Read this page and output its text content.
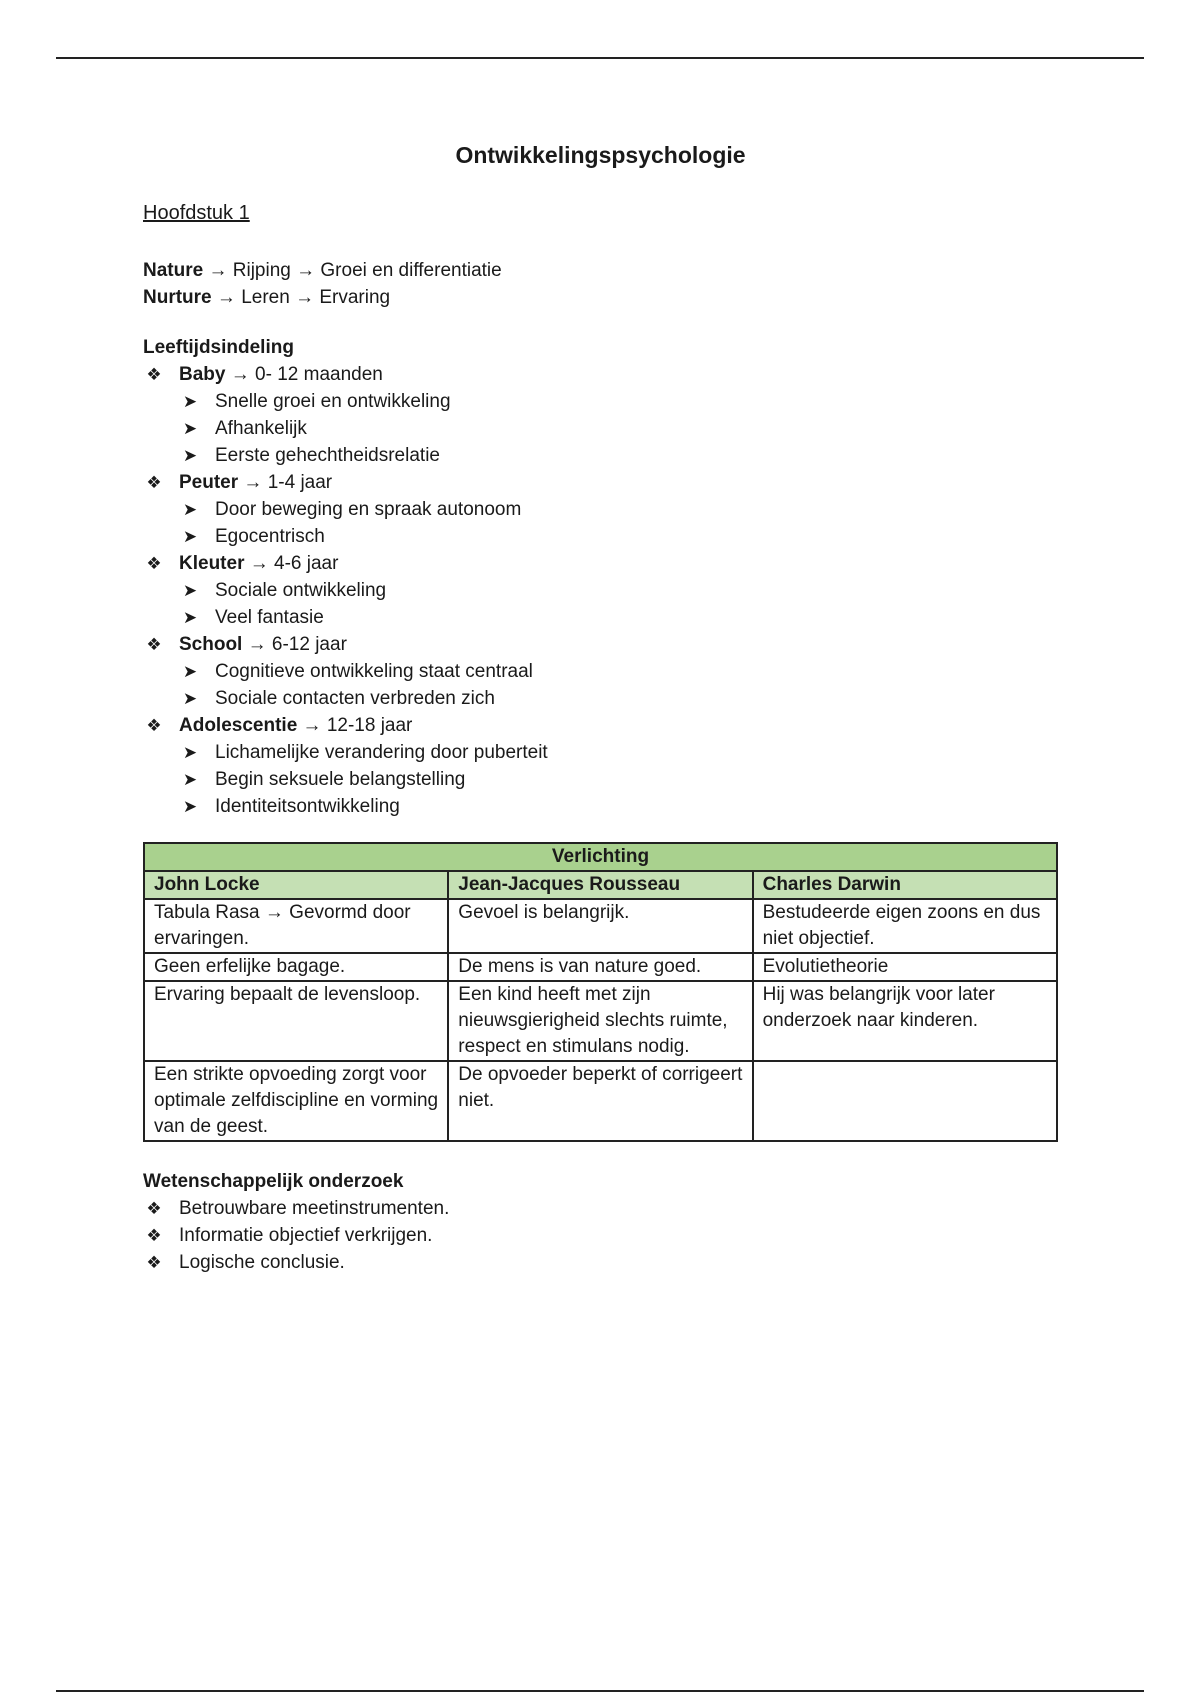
Ontwikkelingspsychologie
Hoofdstuk 1

Nature → Rijping → Groei en differentiatie

Nurture → Leren → Ervaring

Leeftijdsindeling

❖ Baby → 0- 12 maanden
➤ Snelle groei en ontwikkeling
➤ Afhankelijk
➤ Eerste gehechtheidsrelatie
❖ Peuter → 1-4 jaar
➤ Door beweging en spraak autonoom
➤ Egocentrisch
❖ Kleuter → 4-6 jaar
➤ Sociale ontwikkeling
➤ Veel fantasie
❖ School → 6-12 jaar
➤ Cognitieve ontwikkeling staat centraal
➤ Sociale contacten verbreden zich
❖ Adolescentie → 12-18 jaar
➤ Lichamelijke verandering door puberteit
➤ Begin seksuele belangstelling
➤ Identiteitsontwikkeling
Verlichting		
John Locke	Jean-Jacques Rousseau	Charles Darwin
Tabula Rasa → Gevormd door ervaringen.	Gevoel is belangrijk.	Bestudeerde eigen zoons en dus niet objectief.
Geen erfelijke bagage.	De mens is van nature goed.	Evolutietheorie
Ervaring bepaalt de levensloop.	Een kind heeft met zijn nieuwsgierigheid slechts ruimte, respect en stimulans nodig.	Hij was belangrijk voor later onderzoek naar kinderen.
Een strikte opvoeding zorgt voor optimale zelfdiscipline en vorming van de geest.	De opvoeder beperkt of corrigeert niet.	

Wetenschappelijk onderzoek

❖ Betrouwbare meetinstrumenten.
❖ Informatie objectief verkrijgen.
❖ Logische conclusie.
